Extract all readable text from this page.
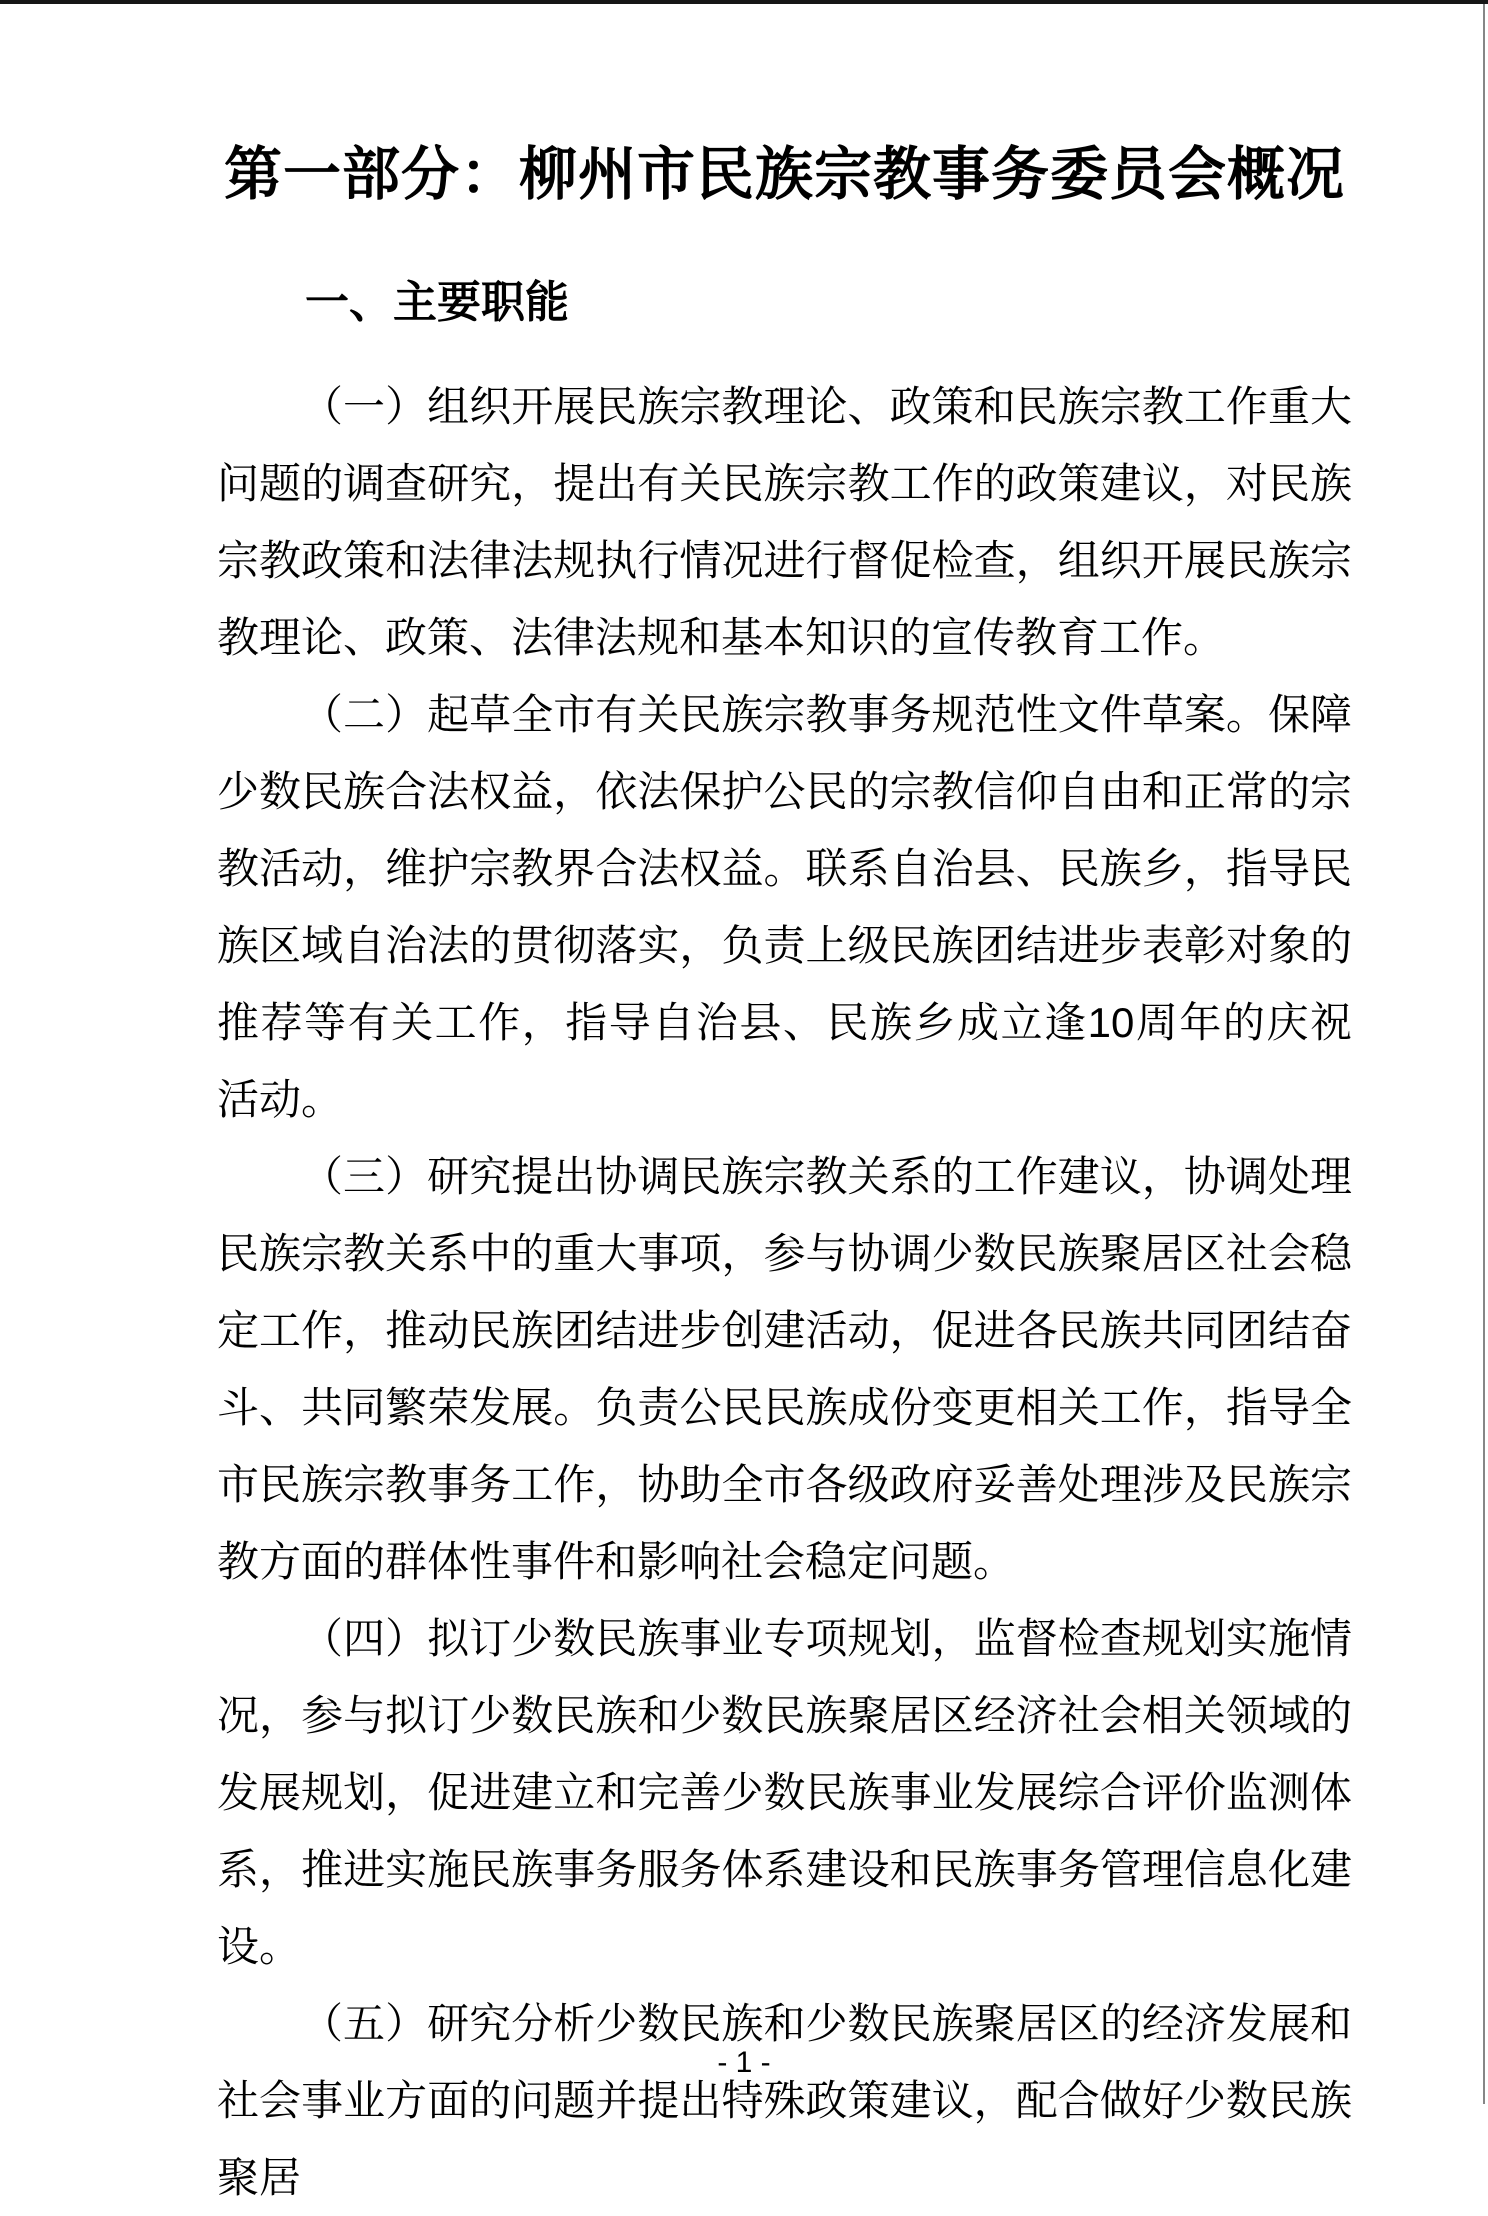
第一部分：柳州市民族宗教事务委员会概况
一、主要职能

（一）组织开展民族宗教理论、政策和民族宗教工作重大问题的调查研究，提出有关民族宗教工作的政策建议，对民族宗教政策和法律法规执行情况进行督促检查，组织开展民族宗教理论、政策、法律法规和基本知识的宣传教育工作。

（二）起草全市有关民族宗教事务规范性文件草案。保障少数民族合法权益，依法保护公民的宗教信仰自由和正常的宗教活动，维护宗教界合法权益。联系自治县、民族乡，指导民族区域自治法的贯彻落实，负责上级民族团结进步表彰对象的推荐等有关工作，指导自治县、民族乡成立逢10周年的庆祝活动。

（三）研究提出协调民族宗教关系的工作建议，协调处理民族宗教关系中的重大事项，参与协调少数民族聚居区社会稳定工作，推动民族团结进步创建活动，促进各民族共同团结奋斗、共同繁荣发展。负责公民民族成份变更相关工作，指导全市民族宗教事务工作，协助全市各级政府妥善处理涉及民族宗教方面的群体性事件和影响社会稳定问题。

（四）拟订少数民族事业专项规划，监督检查规划实施情况，参与拟订少数民族和少数民族聚居区经济社会相关领域的发展规划，促进建立和完善少数民族事业发展综合评价监测体系，推进实施民族事务服务体系建设和民族事务管理信息化建设。

（五）研究分析少数民族和少数民族聚居区的经济发展和社会事业方面的问题并提出特殊政策建议，配合做好少数民族聚居

- 1 -
